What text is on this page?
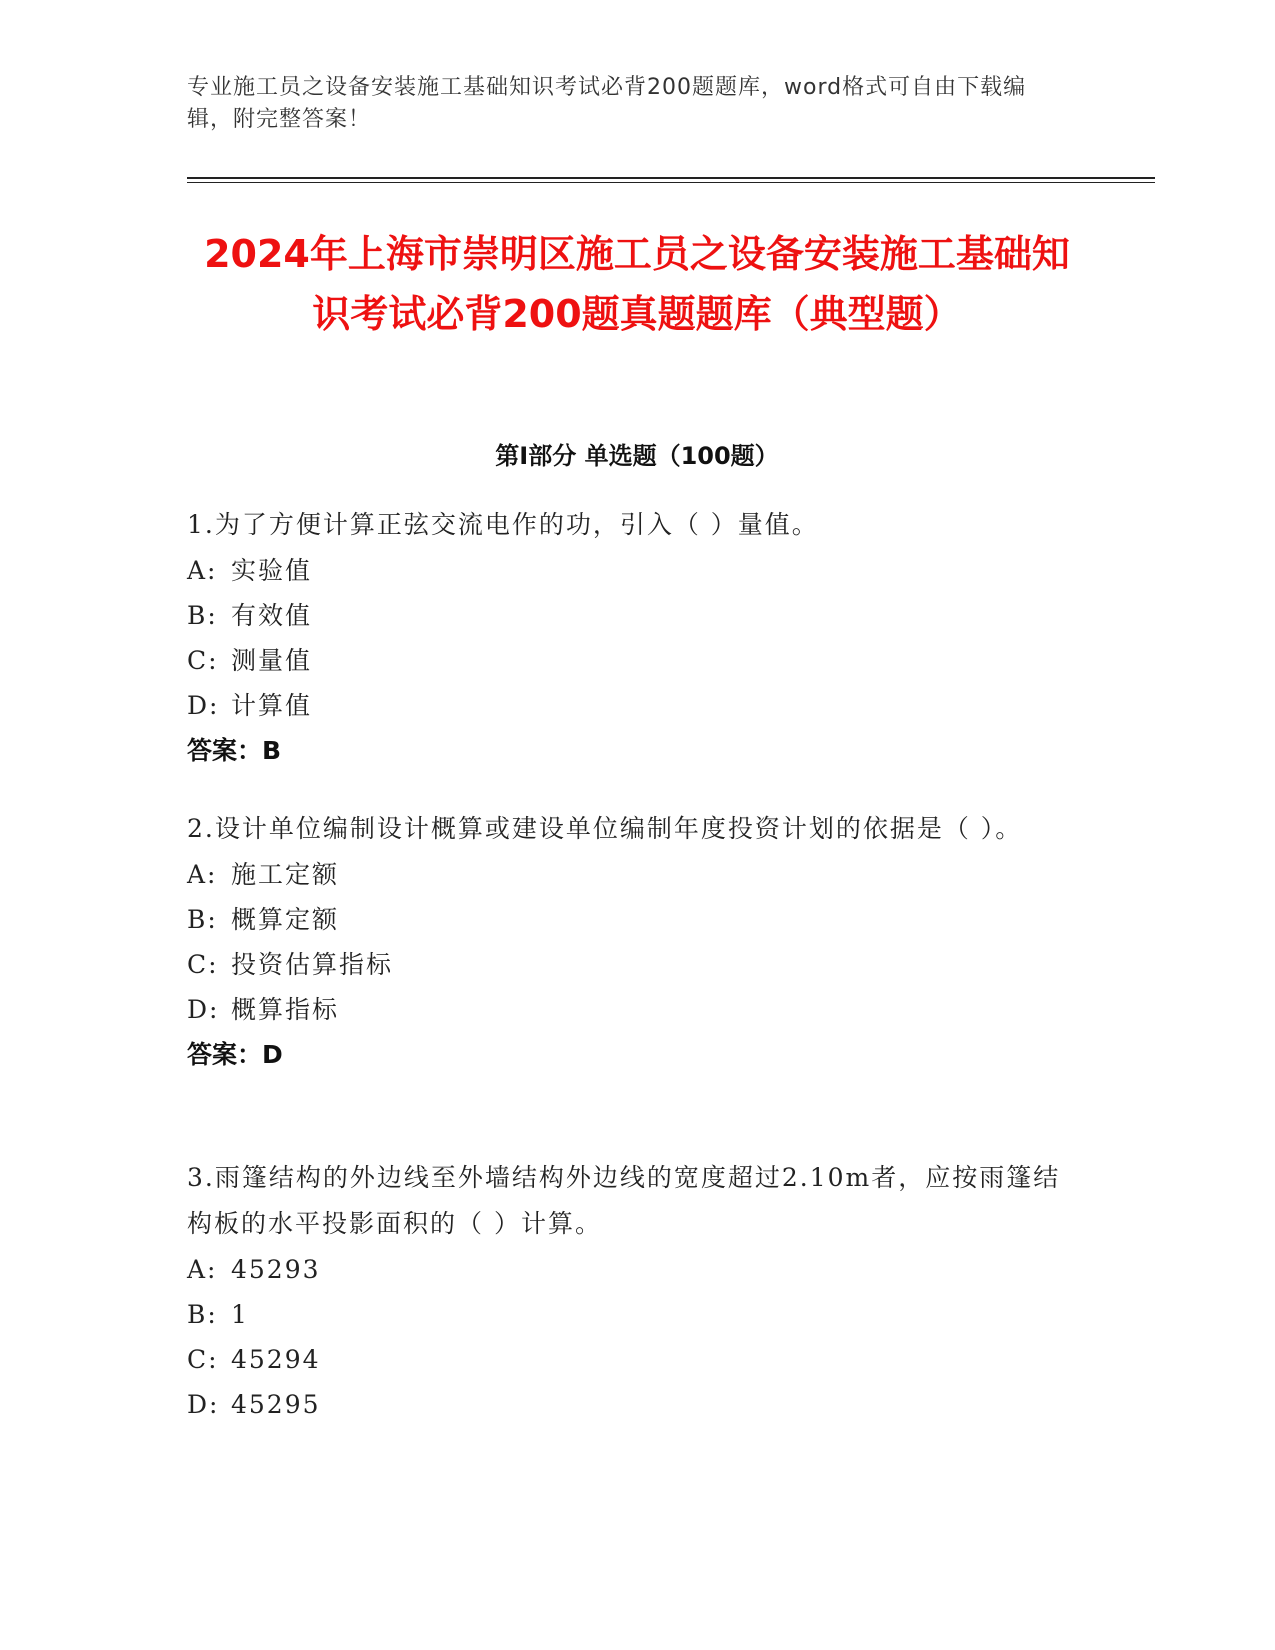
专业施工员之设备安装施工基础知识考试必背200题题库，word格式可自由下载编辑，附完整答案！
2024年上海市崇明区施工员之设备安装施工基础知识考试必背200题真题题库（典型题）
第Ⅰ部分 单选题（100题）
1.为了方便计算正弦交流电作的功，引入（ ）量值。
A: 实验值
B: 有效值
C: 测量值
D: 计算值
答案：B
2.设计单位编制设计概算或建设单位编制年度投资计划的依据是（ ）。
A: 施工定额
B: 概算定额
C: 投资估算指标
D: 概算指标
答案：D
3.雨篷结构的外边线至外墙结构外边线的宽度超过2.10m者，应按雨篷结构板的水平投影面积的（ ）计算。
A: 45293
B: 1
C: 45294
D: 45295
